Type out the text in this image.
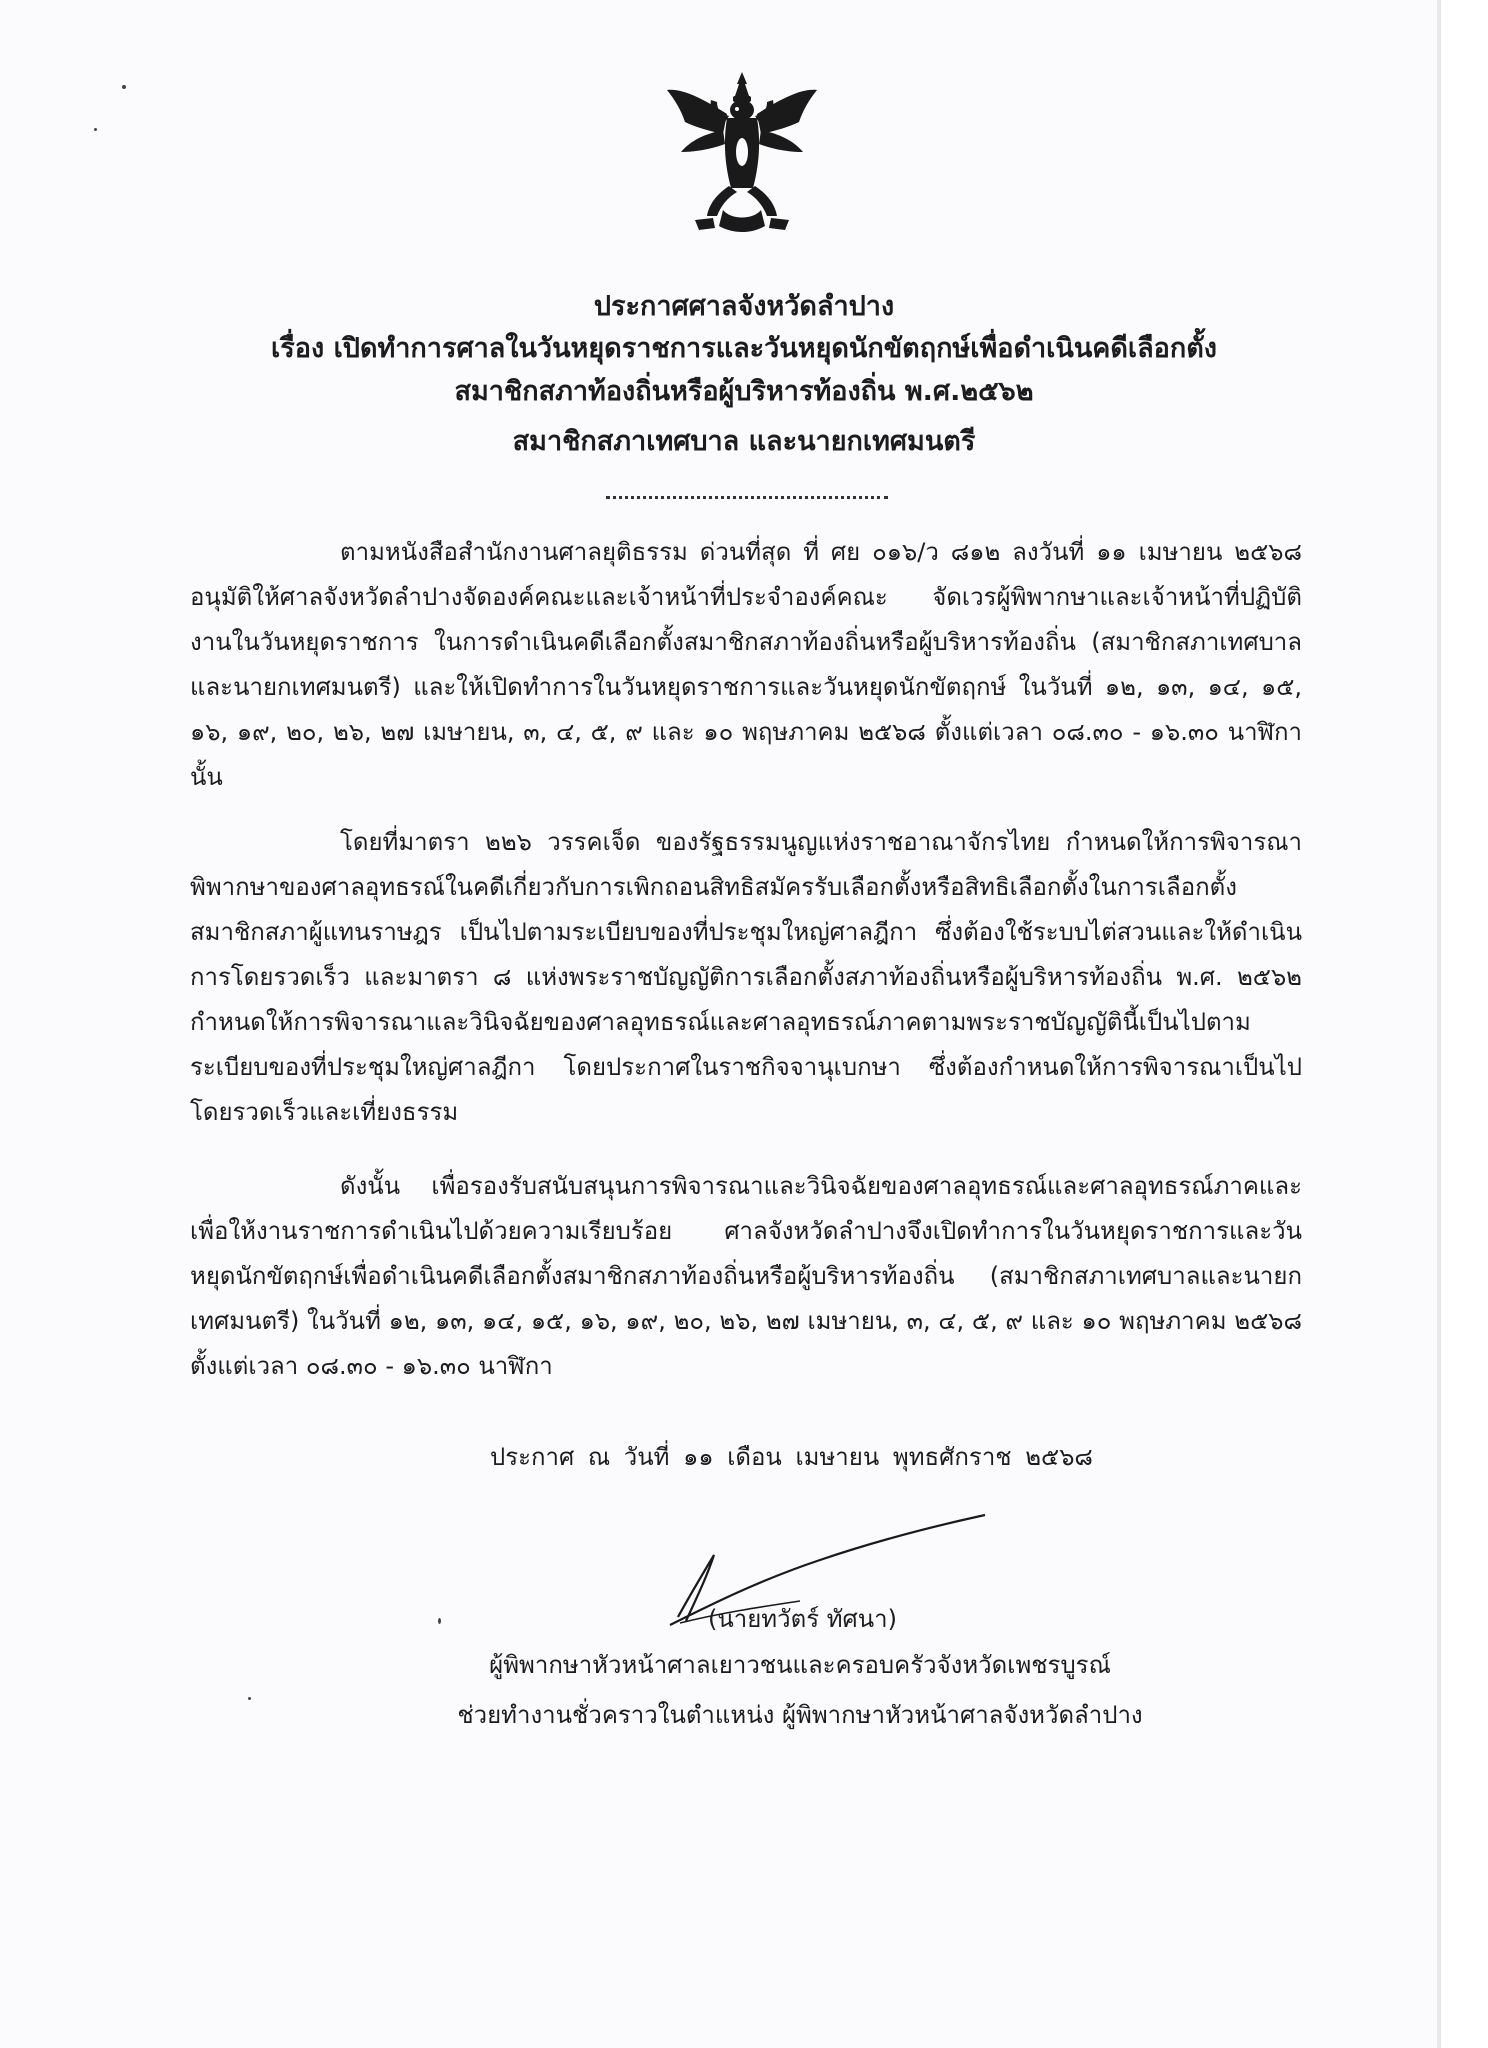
ประกาศศาลจังหวัดลำปาง
เรื่อง เปิดทำการศาลในวันหยุดราชการและวันหยุดนักขัตฤกษ์เพื่อดำเนินคดีเลือกตั้ง
สมาชิกสภาท้องถิ่นหรือผู้บริหารท้องถิ่น พ.ศ.๒๕๖๒
สมาชิกสภาเทศบาล และนายกเทศมนตรี
ตามหนังสือสำนักงานศาลยุติธรรม ด่วนที่สุด ที่ ศย ๐๑๖/ว ๘๑๒ ลงวันที่ ๑๑ เมษายน ๒๕๖๘ อนุมัติให้ศาลจังหวัดลำปางจัดองค์คณะและเจ้าหน้าที่ประจำองค์คณะ จัดเวรผู้พิพากษาและเจ้าหน้าที่ปฏิบัติงานในวันหยุดราชการ ในการดำเนินคดีเลือกตั้งสมาชิกสภาท้องถิ่นหรือผู้บริหารท้องถิ่น (สมาชิกสภาเทศบาล และนายกเทศมนตรี) และให้เปิดทำการในวันหยุดราชการและวันหยุดนักขัตฤกษ์ ในวันที่ ๑๒, ๑๓, ๑๔, ๑๕, ๑๖, ๑๙, ๒๐, ๒๖, ๒๗ เมษายน, ๓, ๔, ๕, ๙ และ ๑๐ พฤษภาคม ๒๕๖๘ ตั้งแต่เวลา ๐๘.๓๐ - ๑๖.๓๐ นาฬิกา นั้น
โดยที่มาตรา ๒๒๖ วรรคเจ็ด ของรัฐธรรมนูญแห่งราชอาณาจักรไทย กำหนดให้การพิจารณาพิพากษาของศาลอุทธรณ์ในคดีเกี่ยวกับการเพิกถอนสิทธิสมัครรับเลือกตั้งหรือสิทธิเลือกตั้งในการเลือกตั้งสมาชิกสภาผู้แทนราษฎร เป็นไปตามระเบียบของที่ประชุมใหญ่ศาลฎีกา ซึ่งต้องใช้ระบบไต่สวนและให้ดำเนินการโดยรวดเร็ว และมาตรา ๘ แห่งพระราชบัญญัติการเลือกตั้งสภาท้องถิ่นหรือผู้บริหารท้องถิ่น พ.ศ. ๒๕๖๒ กำหนดให้การพิจารณาและวินิจฉัยของศาลอุทธรณ์และศาลอุทธรณ์ภาคตามพระราชบัญญัตินี้เป็นไปตามระเบียบของที่ประชุมใหญ่ศาลฎีกา โดยประกาศในราชกิจจานุเบกษา ซึ่งต้องกำหนดให้การพิจารณาเป็นไปโดยรวดเร็วและเที่ยงธรรม
ดังนั้น เพื่อรองรับสนับสนุนการพิจารณาและวินิจฉัยของศาลอุทธรณ์และศาลอุทธรณ์ภาคและเพื่อให้งานราชการดำเนินไปด้วยความเรียบร้อย ศาลจังหวัดลำปางจึงเปิดทำการในวันหยุดราชการและวันหยุดนักขัตฤกษ์เพื่อดำเนินคดีเลือกตั้งสมาชิกสภาท้องถิ่นหรือผู้บริหารท้องถิ่น (สมาชิกสภาเทศบาลและนายกเทศมนตรี) ในวันที่ ๑๒, ๑๓, ๑๔, ๑๕, ๑๖, ๑๙, ๒๐, ๒๖, ๒๗ เมษายน, ๓, ๔, ๕, ๙ และ ๑๐ พฤษภาคม ๒๕๖๘ ตั้งแต่เวลา ๐๘.๓๐ - ๑๖.๓๐ นาฬิกา
ประกาศ ณ วันที่ ๑๑ เดือน เมษายน พุทธศักราช ๒๕๖๘
(นายทวัตร์ ทัศนา)
ผู้พิพากษาหัวหน้าศาลเยาวชนและครอบครัวจังหวัดเพชรบูรณ์
ช่วยทำงานชั่วคราวในตำแหน่ง ผู้พิพากษาหัวหน้าศาลจังหวัดลำปาง
